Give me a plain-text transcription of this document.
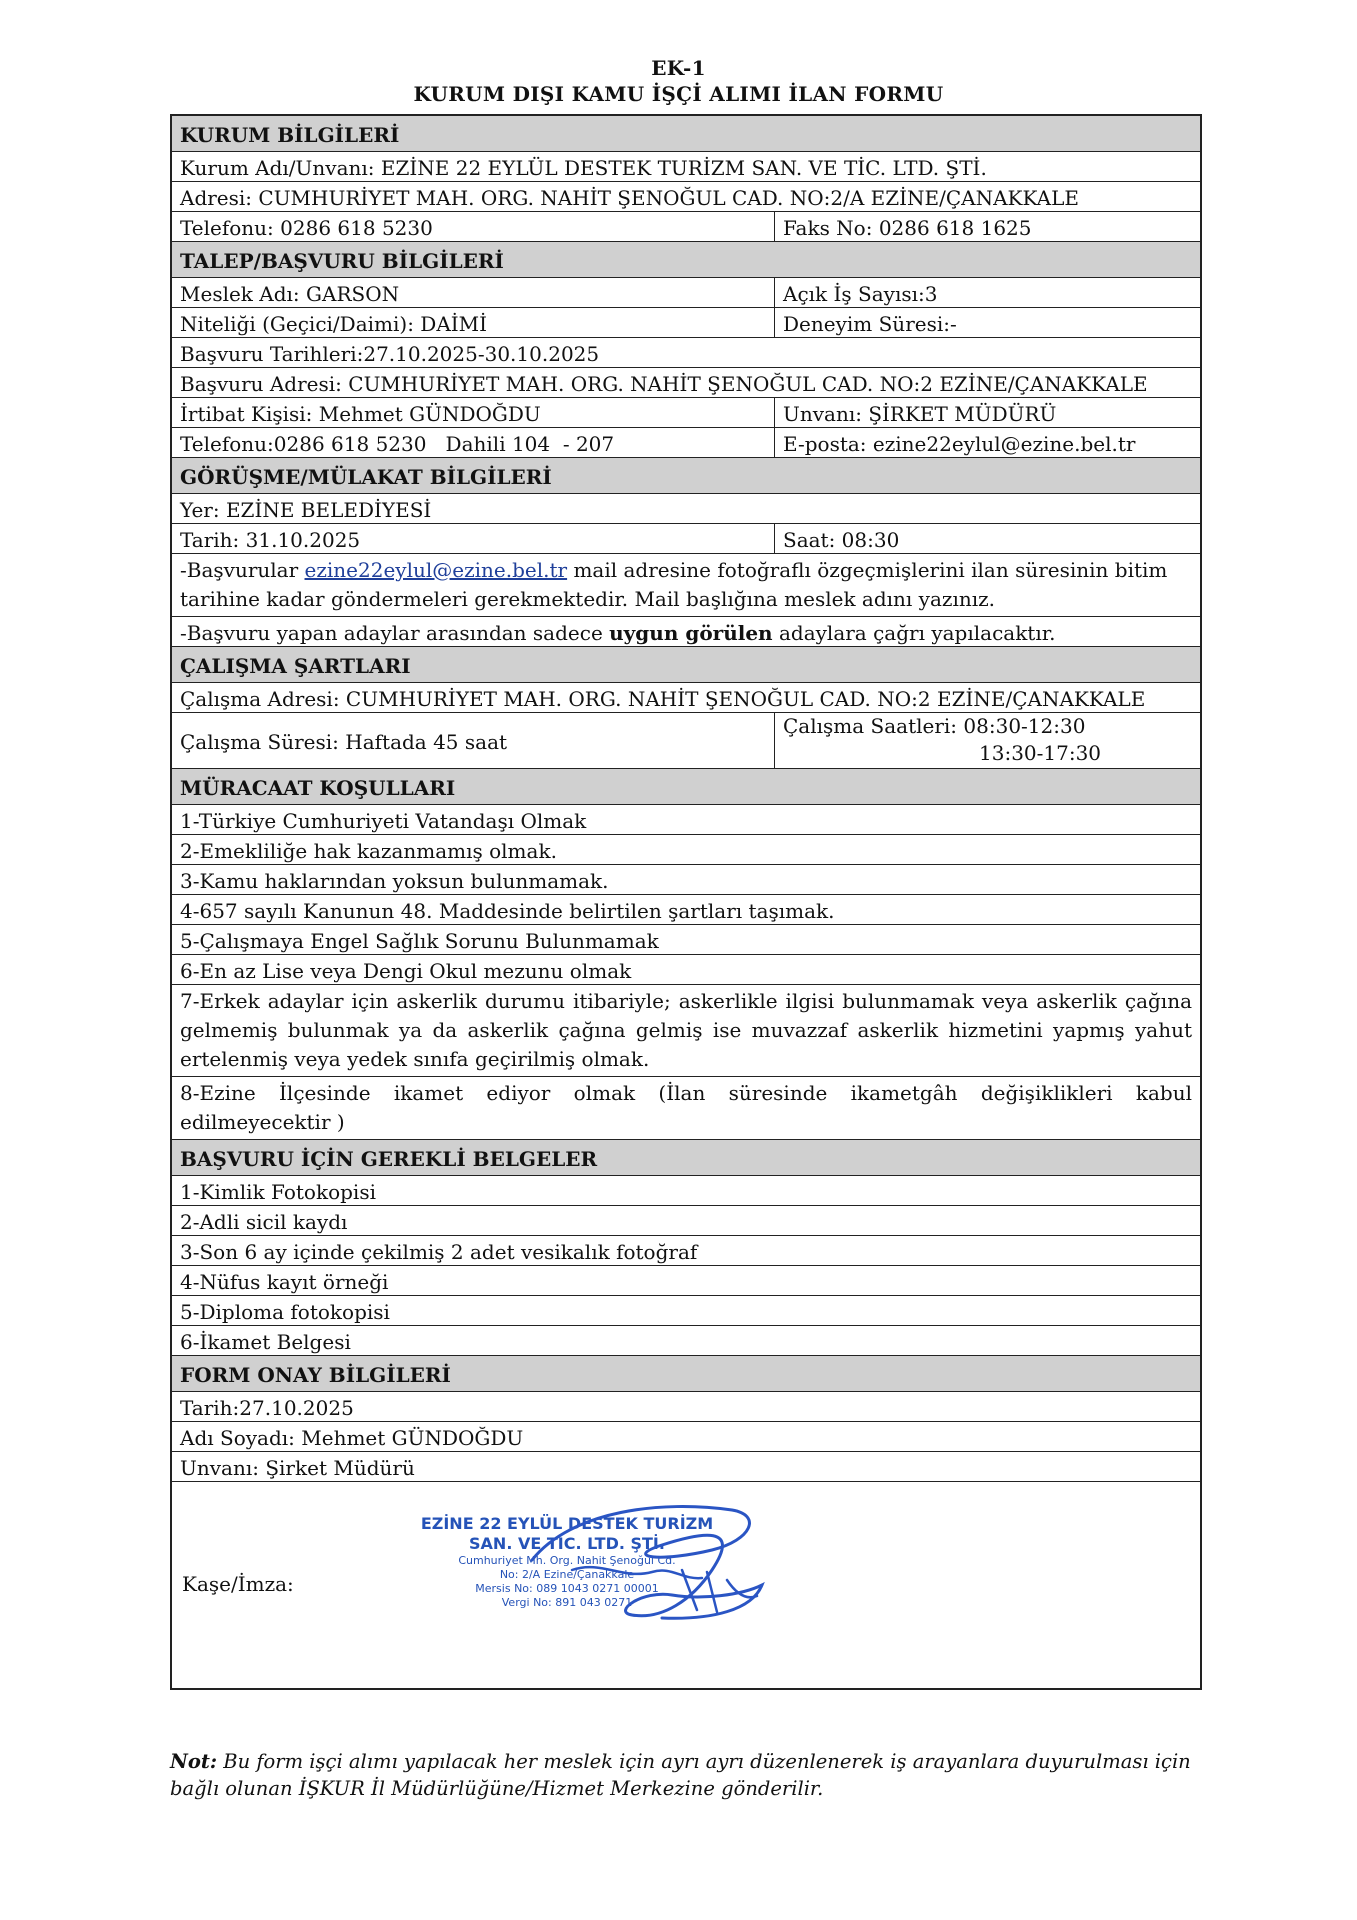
EK-1
KURUM DIŞI KAMU İŞÇİ ALIMI İLAN FORMU
KURUM BİLGİLERİ
Kurum Adı/Unvanı: EZİNE 22 EYLÜL DESTEK TURİZM SAN. VE TİC. LTD. ŞTİ.
Adresi: CUMHURİYET MAH. ORG. NAHİT ŞENOĞUL CAD. NO:2/A EZİNE/ÇANAKKALE
Telefonu: 0286 618 5230	Faks No: 0286 618 1625
TALEP/BAŞVURU BİLGİLERİ
Meslek Adı: GARSON	Açık İş Sayısı:3
Niteliği (Geçici/Daimi): DAİMİ	Deneyim Süresi:-
Başvuru Tarihleri:27.10.2025-30.10.2025
Başvuru Adresi: CUMHURİYET MAH. ORG. NAHİT ŞENOĞUL CAD. NO:2 EZİNE/ÇANAKKALE
İrtibat Kişisi: Mehmet GÜNDOĞDU	Unvanı: ŞİRKET MÜDÜRÜ
Telefonu:0286 618 5230   Dahili 104  - 207	E-posta: ezine22eylul@ezine.bel.tr
GÖRÜŞME/MÜLAKAT BİLGİLERİ
Yer: EZİNE BELEDİYESİ
Tarih: 31.10.2025	Saat: 08:30
-Başvurular ezine22eylul@ezine.bel.tr mail adresine fotoğraflı özgeçmişlerini ilan süresinin bitim tarihine kadar göndermeleri gerekmektedir. Mail başlığına meslek adını yazınız.
-Başvuru yapan adaylar arasından sadece uygun görülen adaylara çağrı yapılacaktır.
ÇALIŞMA ŞARTLARI
Çalışma Adresi: CUMHURİYET MAH. ORG. NAHİT ŞENOĞUL CAD. NO:2 EZİNE/ÇANAKKALE
Çalışma Süresi: Haftada 45 saat
Çalışma Saatleri: 08:30-12:30
13:30-17:30
MÜRACAAT KOŞULLARI
1-Türkiye Cumhuriyeti Vatandaşı Olmak
2-Emekliliğe hak kazanmamış olmak.
3-Kamu haklarından yoksun bulunmamak.
4-657 sayılı Kanunun 48. Maddesinde belirtilen şartları taşımak.
5-Çalışmaya Engel Sağlık Sorunu Bulunmamak
6-En az Lise veya Dengi Okul mezunu olmak
7-Erkek adaylar için askerlik durumu itibariyle; askerlikle ilgisi bulunmamak veya askerlik çağına gelmemiş bulunmak ya da askerlik çağına gelmiş ise muvazzaf askerlik hizmetini yapmış yahut ertelenmiş veya yedek sınıfa geçirilmiş olmak.
8-Ezine İlçesinde ikamet ediyor olmak (İlan süresinde ikametgâh değişiklikleri kabul edilmeyecektir )
BAŞVURU İÇİN GEREKLİ BELGELER
1-Kimlik Fotokopisi
2-Adli sicil kaydı
3-Son 6 ay içinde çekilmiş 2 adet vesikalık fotoğraf
4-Nüfus kayıt örneği
5-Diploma fotokopisi
6-İkamet Belgesi
FORM ONAY BİLGİLERİ
Tarih:27.10.2025
Adı Soyadı: Mehmet GÜNDOĞDU
Unvanı: Şirket Müdürü
Kaşe/İmza:
EZİNE 22 EYLÜL DESTEK TURİZM
SAN. VE TİC. LTD. ŞTİ.
Cumhuriyet Mh. Org. Nahit Şenoğul Cd.
No: 2/A Ezine/Çanakkale
Mersis No: 089 1043 0271 00001
Vergi No: 891 043 0271
Not: Bu form işçi alımı yapılacak her meslek için ayrı ayrı düzenlenerek iş arayanlara duyurulması için bağlı olunan İŞKUR İl Müdürlüğüne/Hizmet Merkezine gönderilir.
